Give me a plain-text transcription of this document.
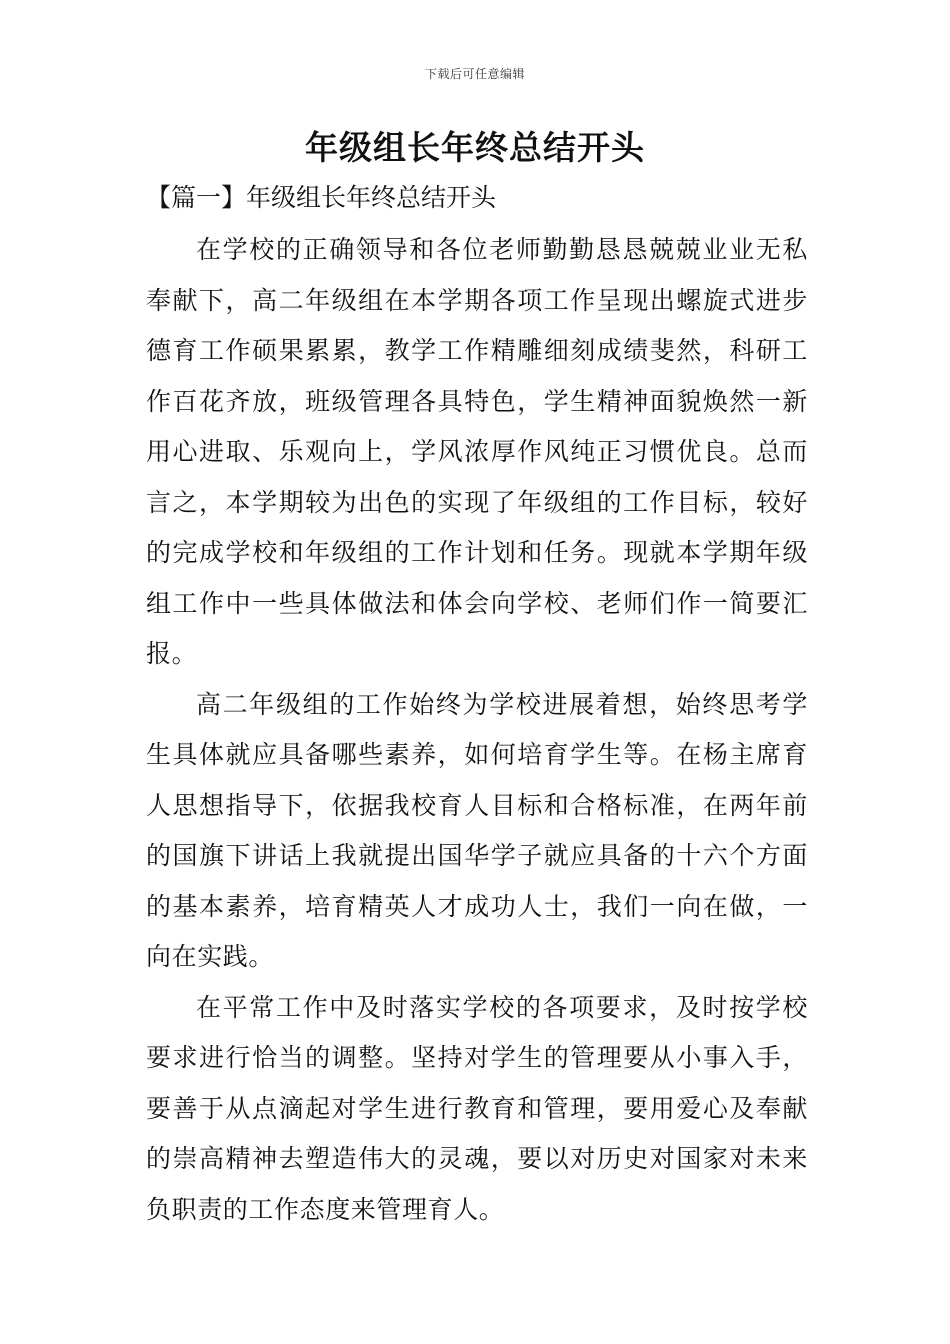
下载后可任意编辑
年级组长年终总结开头
【篇一】年级组长年终总结开头

在学校的正确领导和各位老师勤勤恳恳兢兢业业无私奉献下，高二年级组在本学期各项工作呈现出螺旋式进步德育工作硕果累累，教学工作精雕细刻成绩斐然，科研工作百花齐放，班级管理各具特色，学生精神面貌焕然一新用心进取、乐观向上，学风浓厚作风纯正习惯优良。总而言之，本学期较为出色的实现了年级组的工作目标，较好的完成学校和年级组的工作计划和任务。现就本学期年级组工作中一些具体做法和体会向学校、老师们作一简要汇报。

高二年级组的工作始终为学校进展着想，始终思考学生具体就应具备哪些素养，如何培育学生等。在杨主席育人思想指导下，依据我校育人目标和合格标准，在两年前的国旗下讲话上我就提出国华学子就应具备的十六个方面的基本素养，培育精英人才成功人士，我们一向在做，一向在实践。

在平常工作中及时落实学校的各项要求，及时按学校要求进行恰当的调整。坚持对学生的管理要从小事入手，要善于从点滴起对学生进行教育和管理，要用爱心及奉献的崇高精神去塑造伟大的灵魂，要以对历史对国家对未来负职责的工作态度来管理育人。
